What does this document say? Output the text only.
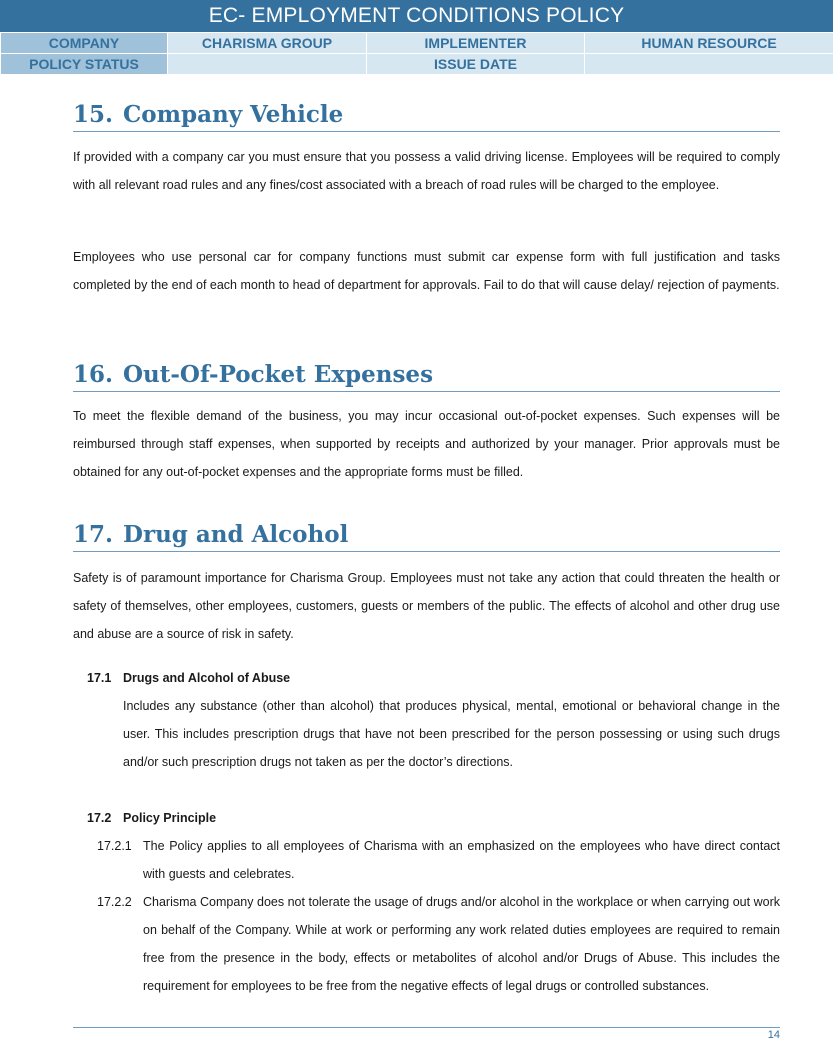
EC- EMPLOYMENT CONDITIONS POLICY
COMPANY	CHARISMA GROUP	IMPLEMENTER	HUMAN RESOURCE
POLICY STATUS		ISSUE DATE	
15. Company Vehicle

If provided with a company car you must ensure that you possess a valid driving license. Employees will be required to comply with all relevant road rules and any fines/cost associated with a breach of road rules will be charged to the employee.

Employees who use personal car for company functions must submit car expense form with full justification and tasks completed by the end of each month to head of department for approvals. Fail to do that will cause delay/ rejection of payments.

16. Out-Of-Pocket Expenses

To meet the flexible demand of the business, you may incur occasional out-of-pocket expenses. Such expenses will be reimbursed through staff expenses, when supported by receipts and authorized by your manager. Prior approvals must be obtained for any out-of-pocket expenses and the appropriate forms must be filled.

17. Drug and Alcohol

Safety is of paramount importance for Charisma Group. Employees must not take any action that could threaten the health or safety of themselves, other employees, customers, guests or members of the public. The effects of alcohol and other drug use and abuse are a source of risk in safety.

17.1 Drugs and Alcohol of Abuse

Includes any substance (other than alcohol) that produces physical, mental, emotional or behavioral change in the user. This includes prescription drugs that have not been prescribed for the person possessing or using such drugs and/or such prescription drugs not taken as per the doctor’s directions.

17.2 Policy Principle
17.2.1 The Policy applies to all employees of Charisma with an emphasized on the employees who have direct contact with guests and celebrates.

17.2.2 Charisma Company does not tolerate the usage of drugs and/or alcohol in the workplace or when carrying out work on behalf of the Company. While at work or performing any work related duties employees are required to remain free from the presence in the body, effects or metabolites of alcohol and/or Drugs of Abuse. This includes the requirement for employees to be free from the negative effects of legal drugs or controlled substances.

14
